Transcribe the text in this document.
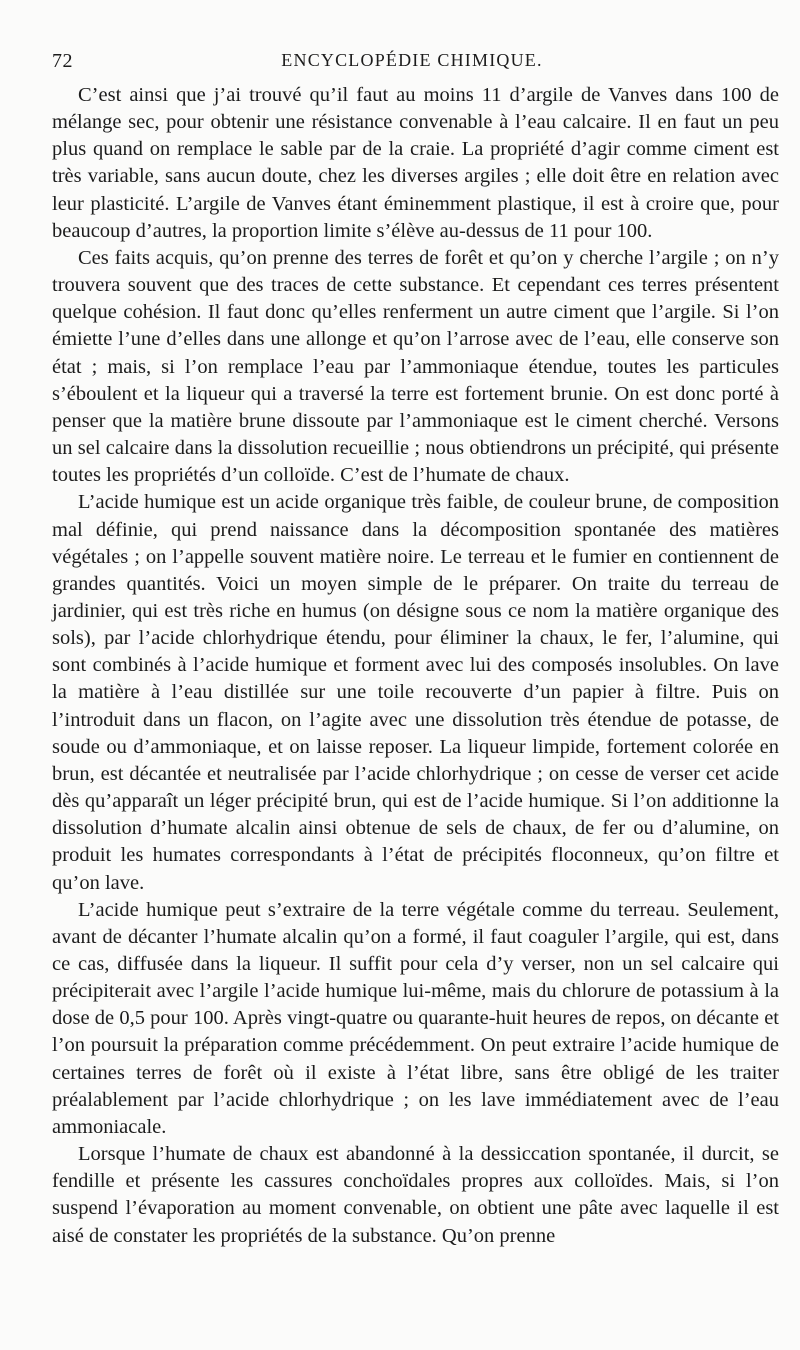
72	ENCYCLOPÉDIE CHIMIQUE.

C’est ainsi que j’ai trouvé qu’il faut au moins 11 d’argile de Vanves dans 100 de mélange sec, pour obtenir une résistance convenable à l’eau calcaire. Il en faut un peu plus quand on remplace le sable par de la craie. La propriété d’agir comme ciment est très variable, sans aucun doute, chez les diverses argiles ; elle doit être en relation avec leur plasticité. L’argile de Vanves étant éminemment plastique, il est à croire que, pour beaucoup d’autres, la proportion limite s’élève au-dessus de 11 pour 100.

Ces faits acquis, qu’on prenne des terres de forêt et qu’on y cherche l’argile ; on n’y trouvera souvent que des traces de cette substance. Et cependant ces terres présentent quelque cohésion. Il faut donc qu’elles renferment un autre ciment que l’argile. Si l’on émiette l’une d’elles dans une allonge et qu’on l’arrose avec de l’eau, elle conserve son état ; mais, si l’on remplace l’eau par l’ammoniaque étendue, toutes les particules s’éboulent et la liqueur qui a traversé la terre est fortement brunie. On est donc porté à penser que la matière brune dissoute par l’ammoniaque est le ciment cherché. Versons un sel calcaire dans la dissolution recueillie ; nous obtiendrons un précipité, qui présente toutes les propriétés d’un colloïde. C’est de l’humate de chaux.

L’acide humique est un acide organique très faible, de couleur brune, de composition mal définie, qui prend naissance dans la décomposition spontanée des matières végétales ; on l’appelle souvent matière noire. Le terreau et le fumier en contiennent de grandes quantités. Voici un moyen simple de le préparer. On traite du terreau de jardinier, qui est très riche en humus (on désigne sous ce nom la matière organique des sols), par l’acide chlorhydrique étendu, pour éliminer la chaux, le fer, l’alumine, qui sont combinés à l’acide humique et forment avec lui des composés insolubles. On lave la matière à l’eau distillée sur une toile recouverte d’un papier à filtre. Puis on l’introduit dans un flacon, on l’agite avec une dissolution très étendue de potasse, de soude ou d’ammoniaque, et on laisse reposer. La liqueur limpide, fortement colorée en brun, est décantée et neutralisée par l’acide chlorhydrique ; on cesse de verser cet acide dès qu’apparaît un léger précipité brun, qui est de l’acide humique. Si l’on additionne la dissolution d’humate alcalin ainsi obtenue de sels de chaux, de fer ou d’alumine, on produit les humates correspondants à l’état de précipités floconneux, qu’on filtre et qu’on lave.

L’acide humique peut s’extraire de la terre végétale comme du terreau. Seulement, avant de décanter l’humate alcalin qu’on a formé, il faut coaguler l’argile, qui est, dans ce cas, diffusée dans la liqueur. Il suffit pour cela d’y verser, non un sel calcaire qui précipiterait avec l’argile l’acide humique lui-même, mais du chlorure de potassium à la dose de 0,5 pour 100. Après vingt-quatre ou quarante-huit heures de repos, on décante et l’on poursuit la préparation comme précédemment. On peut extraire l’acide humique de certaines terres de forêt où il existe à l’état libre, sans être obligé de les traiter préalablement par l’acide chlorhydrique ; on les lave immédiatement avec de l’eau ammoniacale.

Lorsque l’humate de chaux est abandonné à la dessiccation spontanée, il durcit, se fendille et présente les cassures conchoïdales propres aux colloïdes. Mais, si l’on suspend l’évaporation au moment convenable, on obtient une pâte avec laquelle il est aisé de constater les propriétés de la substance. Qu’on prenne
